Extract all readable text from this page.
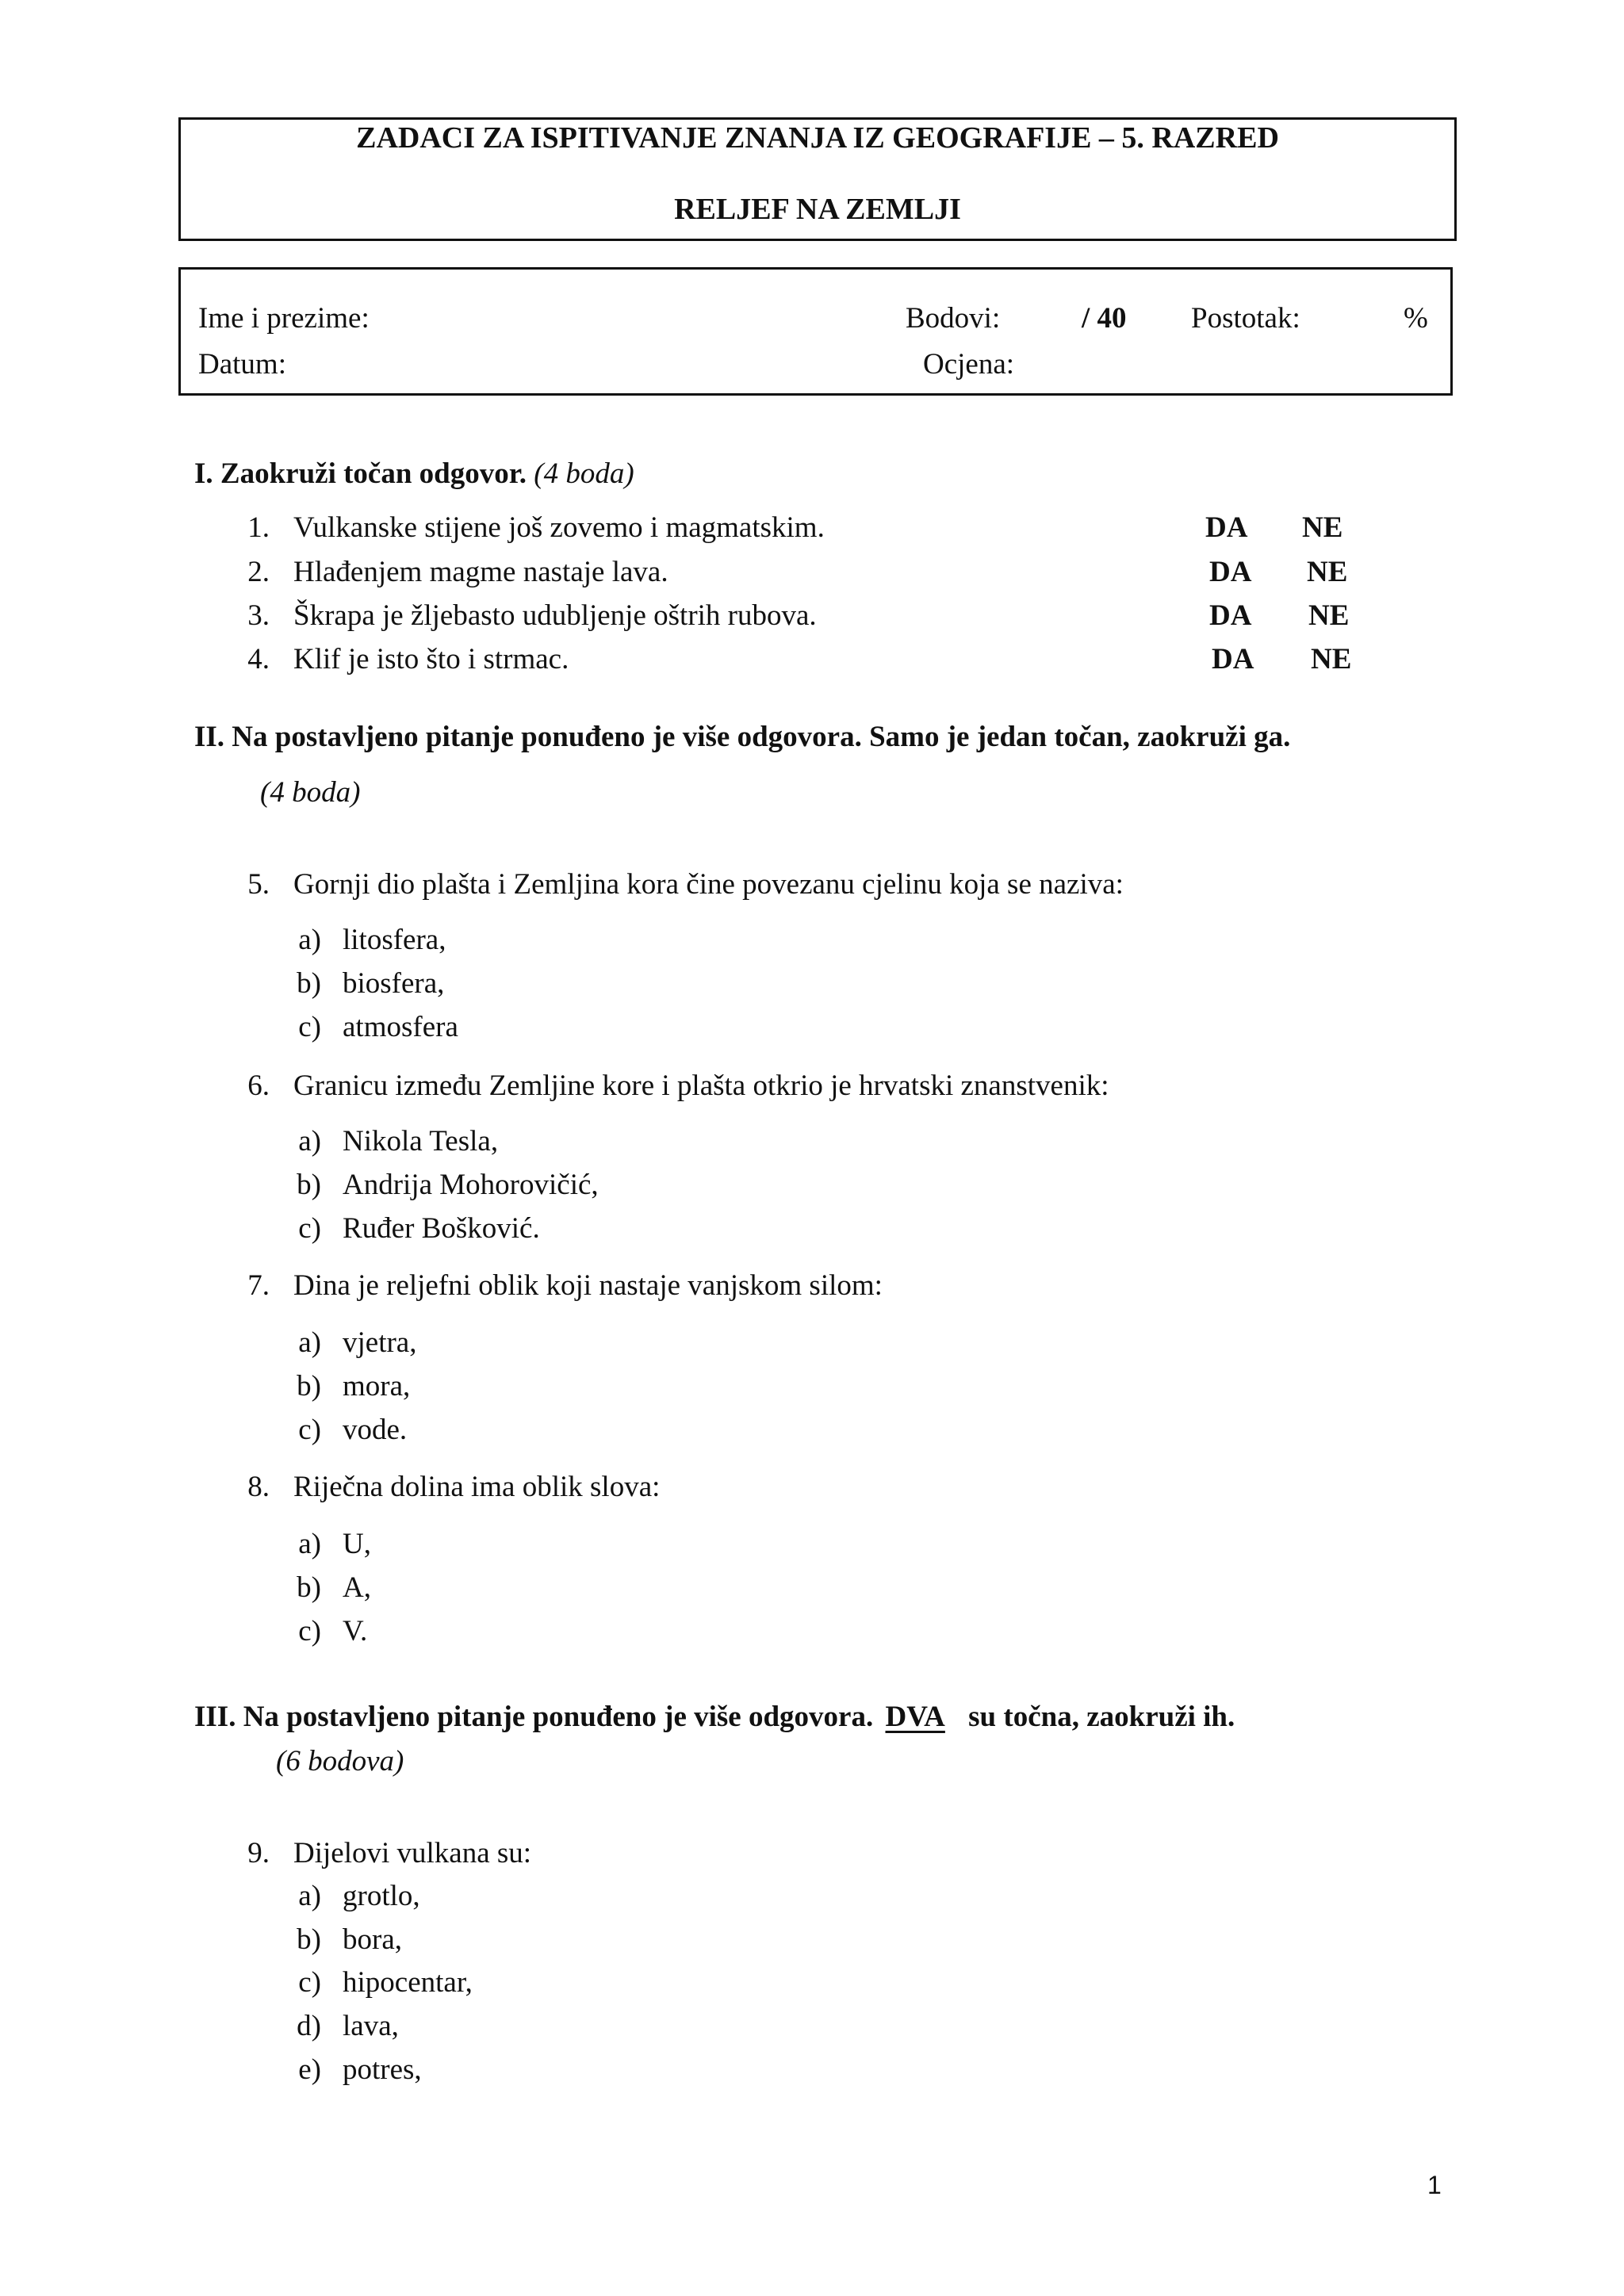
ZADACI ZA ISPITIVANJE ZNANJA IZ GEOGRAFIJE – 5. RAZRED
RELJEF NA ZEMLJI
Ime i prezime:	Bodovi:	/ 40 Postotak:	%
Datum:	Ocjena:
I. Zaokruži točan odgovor. (4 boda)
1. Vulkanske stijene još zovemo i magmatskim.	DA NE
2. Hlađenjem magme nastaje lava.	DA NE
3. Škrapa je žljebasto udubljenje oštrih rubova.	DA NE
4. Klif je isto što i strmac.	DA NE
II. Na postavljeno pitanje ponuđeno je više odgovora. Samo je jedan točan, zaokruži ga.
(4 boda)
5. Gornji dio plašta i Zemljina kora čine povezanu cjelinu koja se naziva:
a) litosfera,
b) biosfera,
c) atmosfera
6. Granicu između Zemljine kore i plašta otkrio je hrvatski znanstvenik:
a) Nikola Tesla,
b) Andrija Mohorovičić,
c) Ruđer Bošković.
7. Dina je reljefni oblik koji nastaje vanjskom silom:
a) vjetra,
b) mora,
c) vode.
8. Riječna dolina ima oblik slova:
a) U,
b) A,
c) V.
III. Na postavljeno pitanje ponuđeno je više odgovora. DVA su točna, zaokruži ih.
(6 bodova)
9. Dijelovi vulkana su:
a) grotlo,
b) bora,
c) hipocentar,
d) lava,
e) potres,
1
